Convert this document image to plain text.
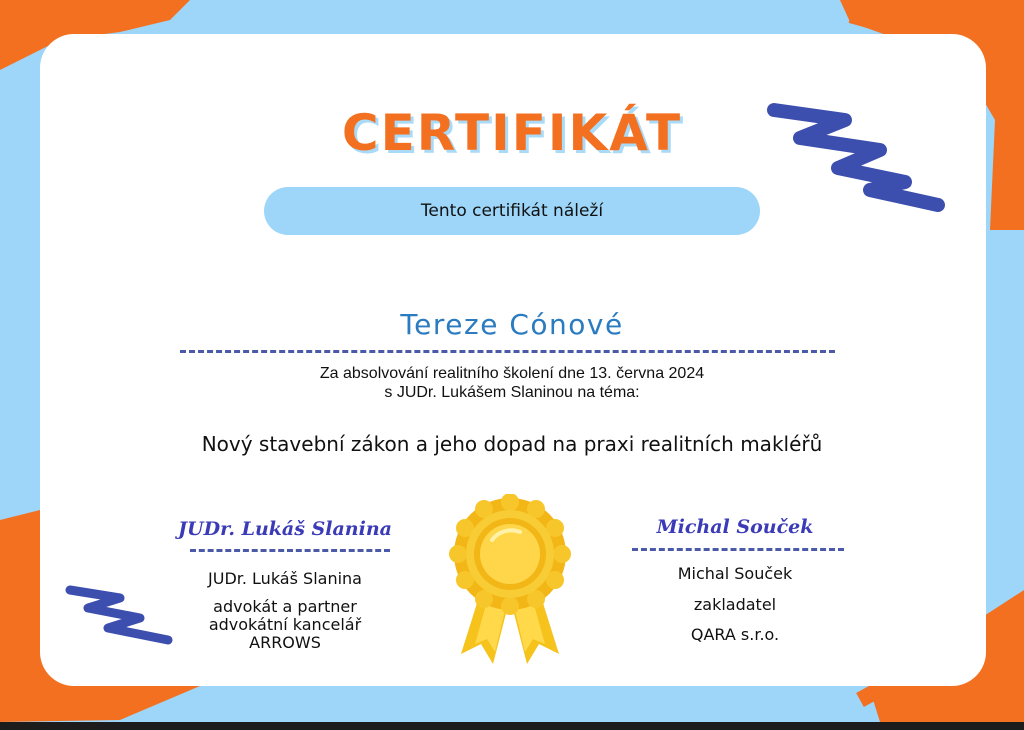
CERTIFIKÁT
Tento certifikát náleží
Tereze Cónové
Za absolvování realitního školení dne 13. června 2024
s JUDr. Lukášem Slaninou na téma:
Nový stavební zákon a jeho dopad na praxi realitních makléřů
JUDr. Lukáš Slanina
JUDr. Lukáš Slanina
advokát a partner
advokátní kancelář
ARROWS
Michal Souček
Michal Souček
zakladatel
QARA s.r.o.
